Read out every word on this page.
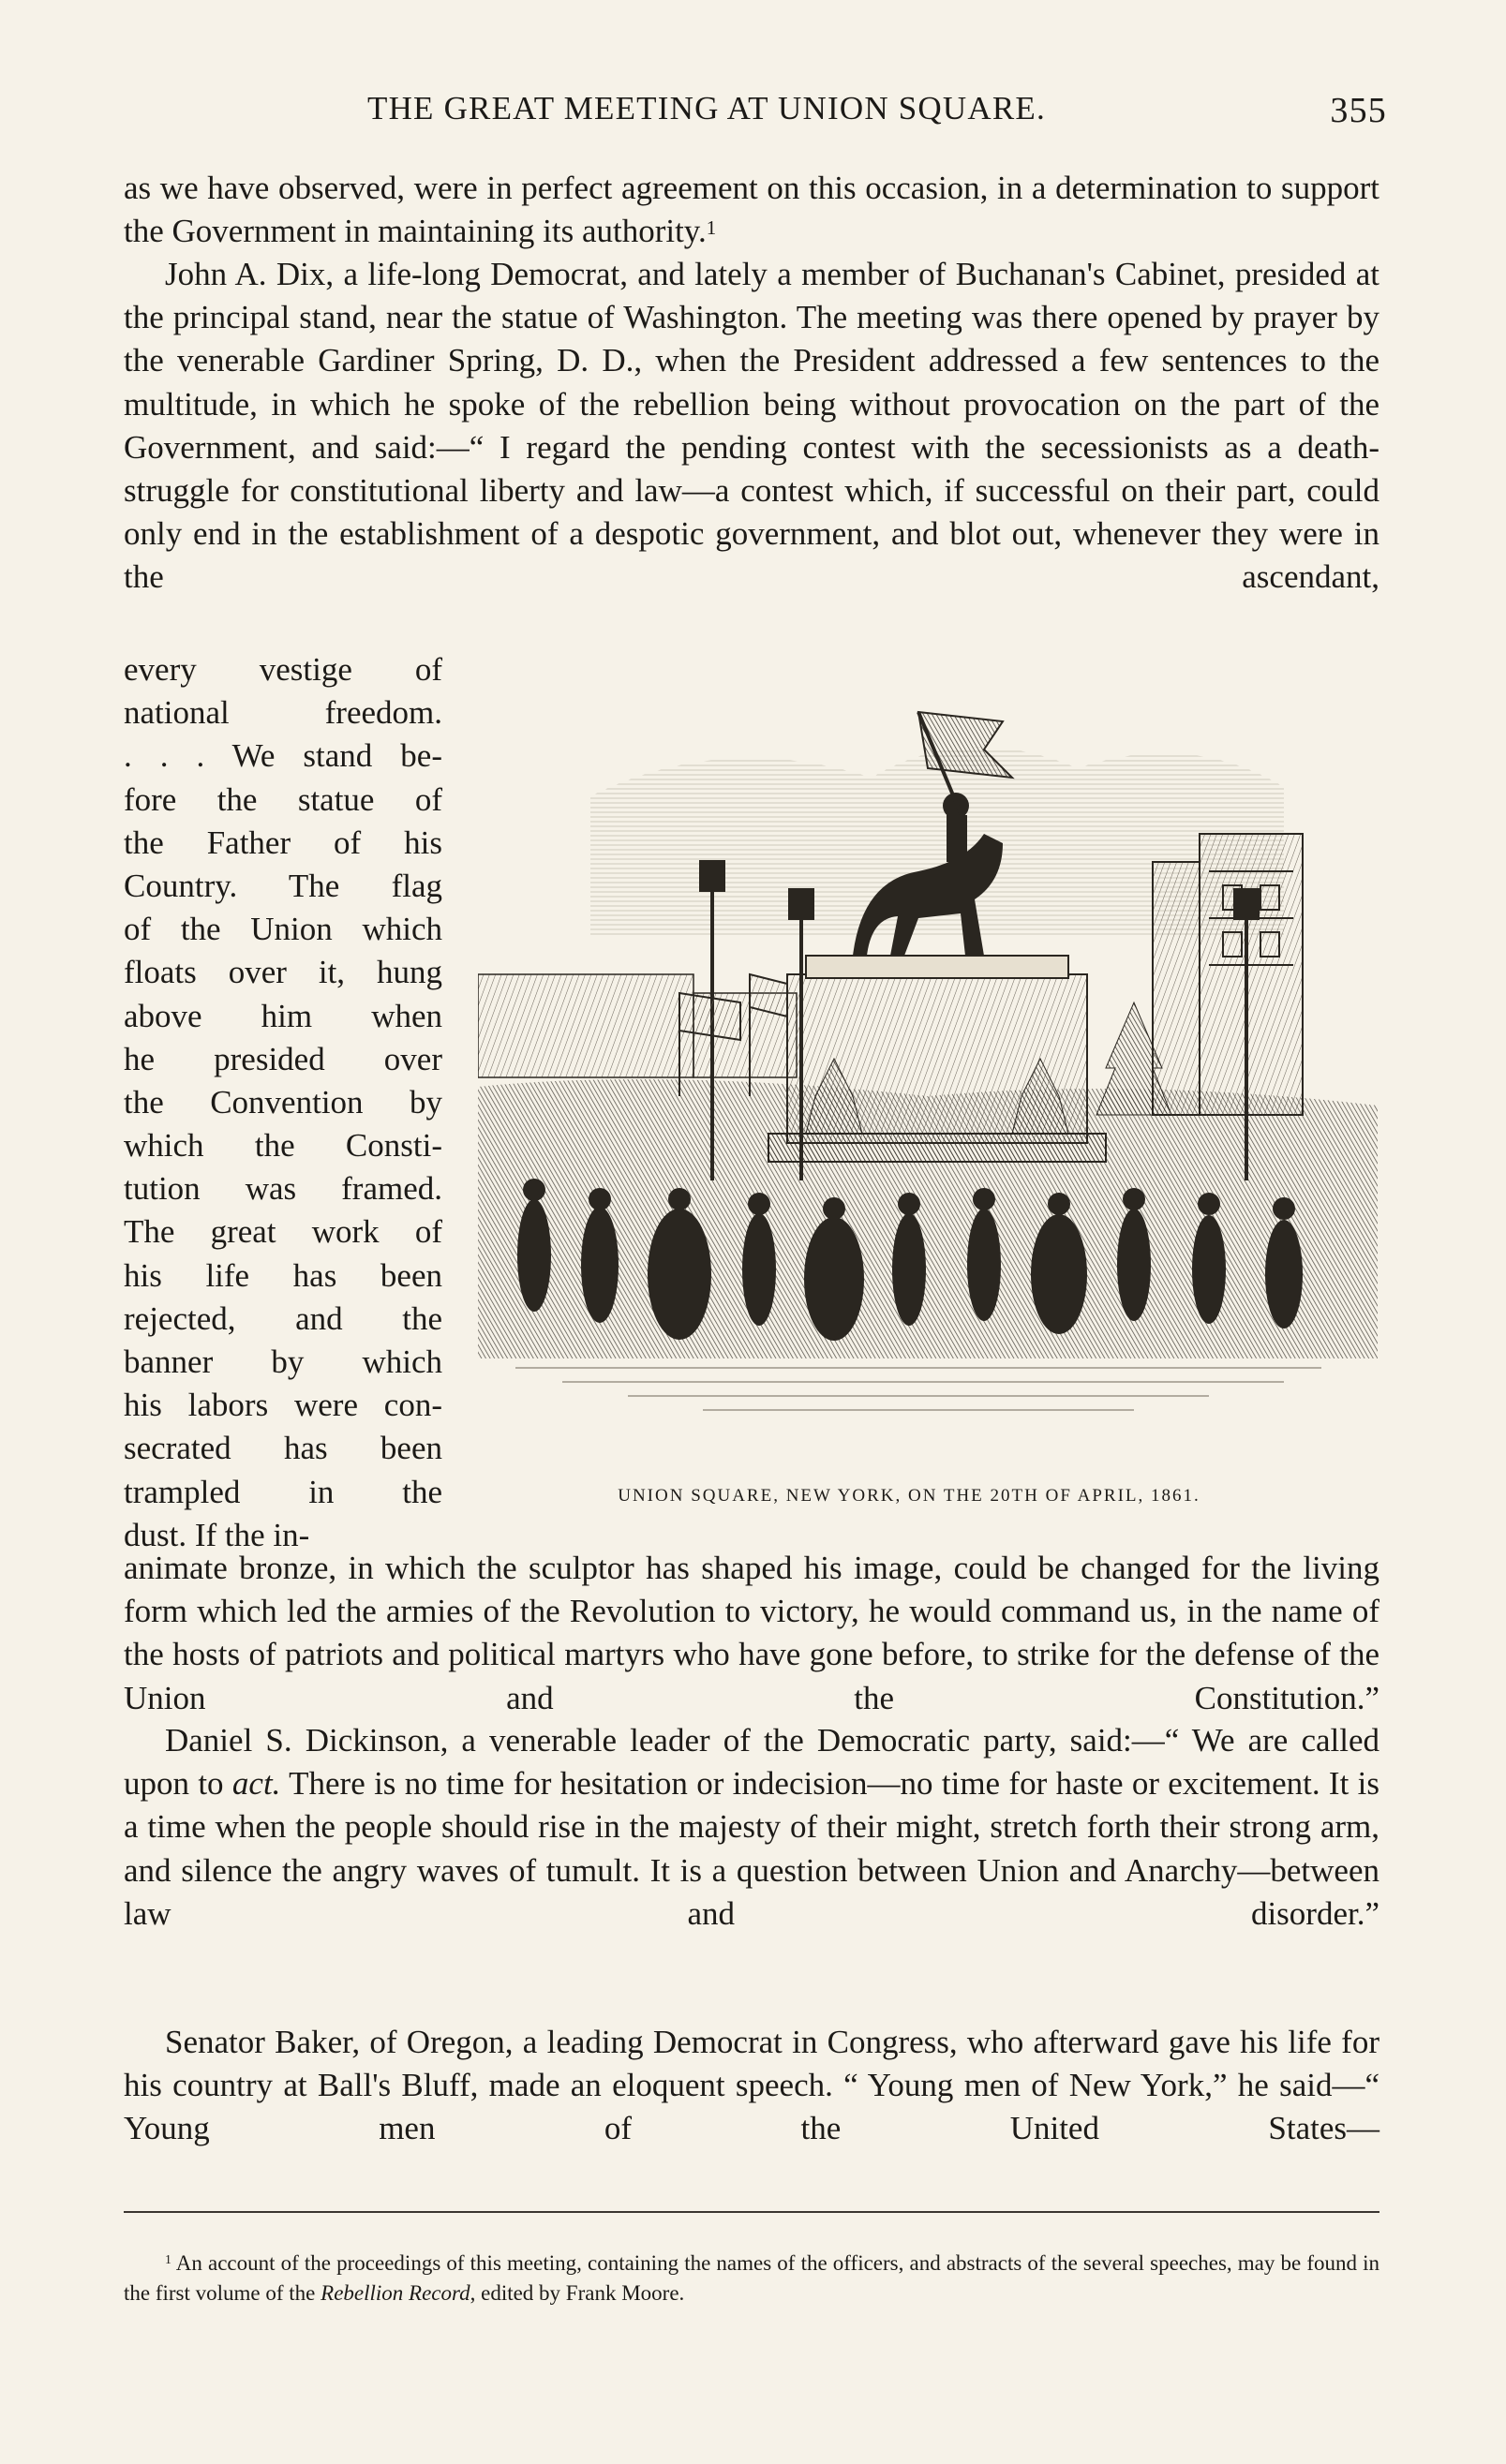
THE GREAT MEETING AT UNION SQUARE.	355

as we have observed, were in perfect agreement on this occasion, in a determination to support the Government in maintaining its authority.$^1$

John A. Dix, a life-long Democrat, and lately a member of Buchanan's Cabinet, presided at the principal stand, near the statue of Washington. The meeting was there opened by prayer by the venerable Gardiner Spring, D. D., when the President addressed a few sentences to the multitude, in which he spoke of the rebellion being without provocation on the part of the Government, and said:—“ I regard the pending contest with the secessionists as a death-struggle for constitutional liberty and law—a contest which, if successful on their part, could only end in the establishment of a despotic government, and blot out, whenever they were in the ascendant,

every vestige of
national freedom.
. . . We stand be-
fore the statue of
the Father of his
Country. The flag
of the Union which
floats over it, hung
above him when
he presided over
the Convention by
which the Consti-
tution was framed.
The great work of
his life has been
rejected, and the
banner by which
his labors were con-
secrated has been
trampled in the
dust. If the in-
UNION SQUARE, NEW YORK, ON THE 20TH OF APRIL, 1861.

animate bronze, in which the sculptor has shaped his image, could be changed for the living form which led the armies of the Revolution to victory, he would command us, in the name of the hosts of patriots and political martyrs who have gone before, to strike for the defense of the Union and the Constitution.”

Daniel S. Dickinson, a venerable leader of the Democratic party, said:—“ We are called upon to act. There is no time for hesitation or indecision—no time for haste or excitement. It is a time when the people should rise in the majesty of their might, stretch forth their strong arm, and silence the angry waves of tumult. It is a question between Union and Anarchy—between law and disorder.”

Senator Baker, of Oregon, a leading Democrat in Congress, who afterward gave his life for his country at Ball's Bluff, made an eloquent speech. “ Young men of New York,” he said—“ Young men of the United States—

$^1$ An account of the proceedings of this meeting, containing the names of the officers, and abstracts of the several speeches, may be found in the first volume of the Rebellion Record, edited by Frank Moore.
